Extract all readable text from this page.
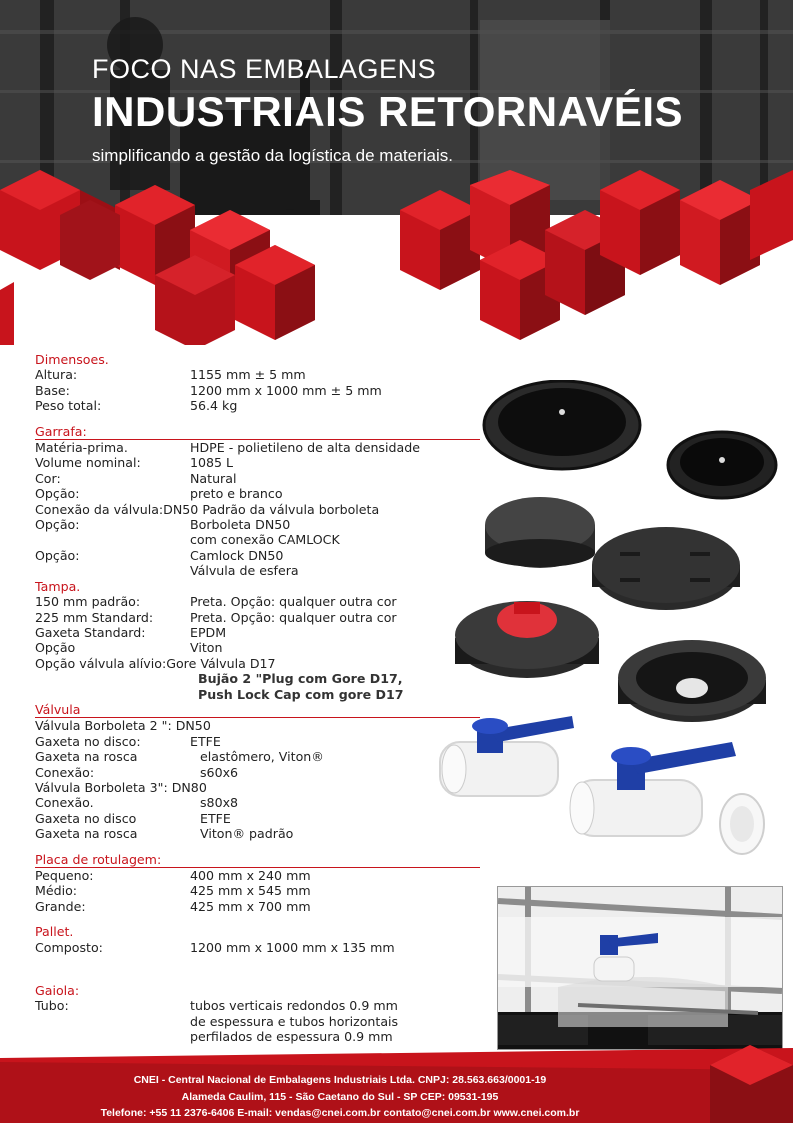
FOCO NAS EMBALAGENS
INDUSTRIAIS RETORNAVÉIS

simplificando a gestão da logística de materiais.

Dimensoes.
Altura:	1155 mm ± 5 mm
Base:	1200 mm x 1000 mm ± 5 mm
Peso total:	56.4 kg
Garrafa:
Matéria-prima.	HDPE - polietileno de alta densidade
Volume nominal:	1085 L
Cor:	Natural
Opção:	preto e branco
Conexão da válvula: DN50 Padrão da válvula borboleta
Opção:	Borboleta DN50
com conexão CAMLOCK
Opção:	Camlock DN50
Válvula de esfera
Tampa.
150 mm padrão:	Preta. Opção: qualquer outra cor
225 mm Standard:	Preta. Opção: qualquer outra cor
Gaxeta Standard:	EPDM
Opção	Viton
Opção válvula alívio: Gore Válvula D17
Bujão 2 "Plug com Gore D17,
Push Lock Cap com gore D17
Válvula
Válvula Borboleta 2 ": DN50
Gaxeta no disco:	ETFE
Gaxeta na rosca	elastômero, Viton®
Conexão:	s60x6
Válvula Borboleta 3": DN80
Conexão.	s80x8
Gaxeta no disco	ETFE
Gaxeta na rosca	Viton® padrão
Placa de rotulagem:
Pequeno:	400 mm x 240 mm
Médio:	425 mm x 545 mm
Grande:	425 mm x 700 mm
Pallet.
Composto:	1200 mm x 1000 mm x 135 mm
Gaiola:
Tubo:	tubos verticais redondos 0.9 mm
de espessura e tubos horizontais
perfilados de espessura 0.9 mm
CNEI - Central Nacional de Embalagens Industriais Ltda. CNPJ: 28.563.663/0001-19
Alameda Caulim, 115 - São Caetano do Sul - SP CEP: 09531-195
Telefone: +55 11 2376-6406 E-mail: vendas@cnei.com.br contato@cnei.com.br www.cnei.com.br
